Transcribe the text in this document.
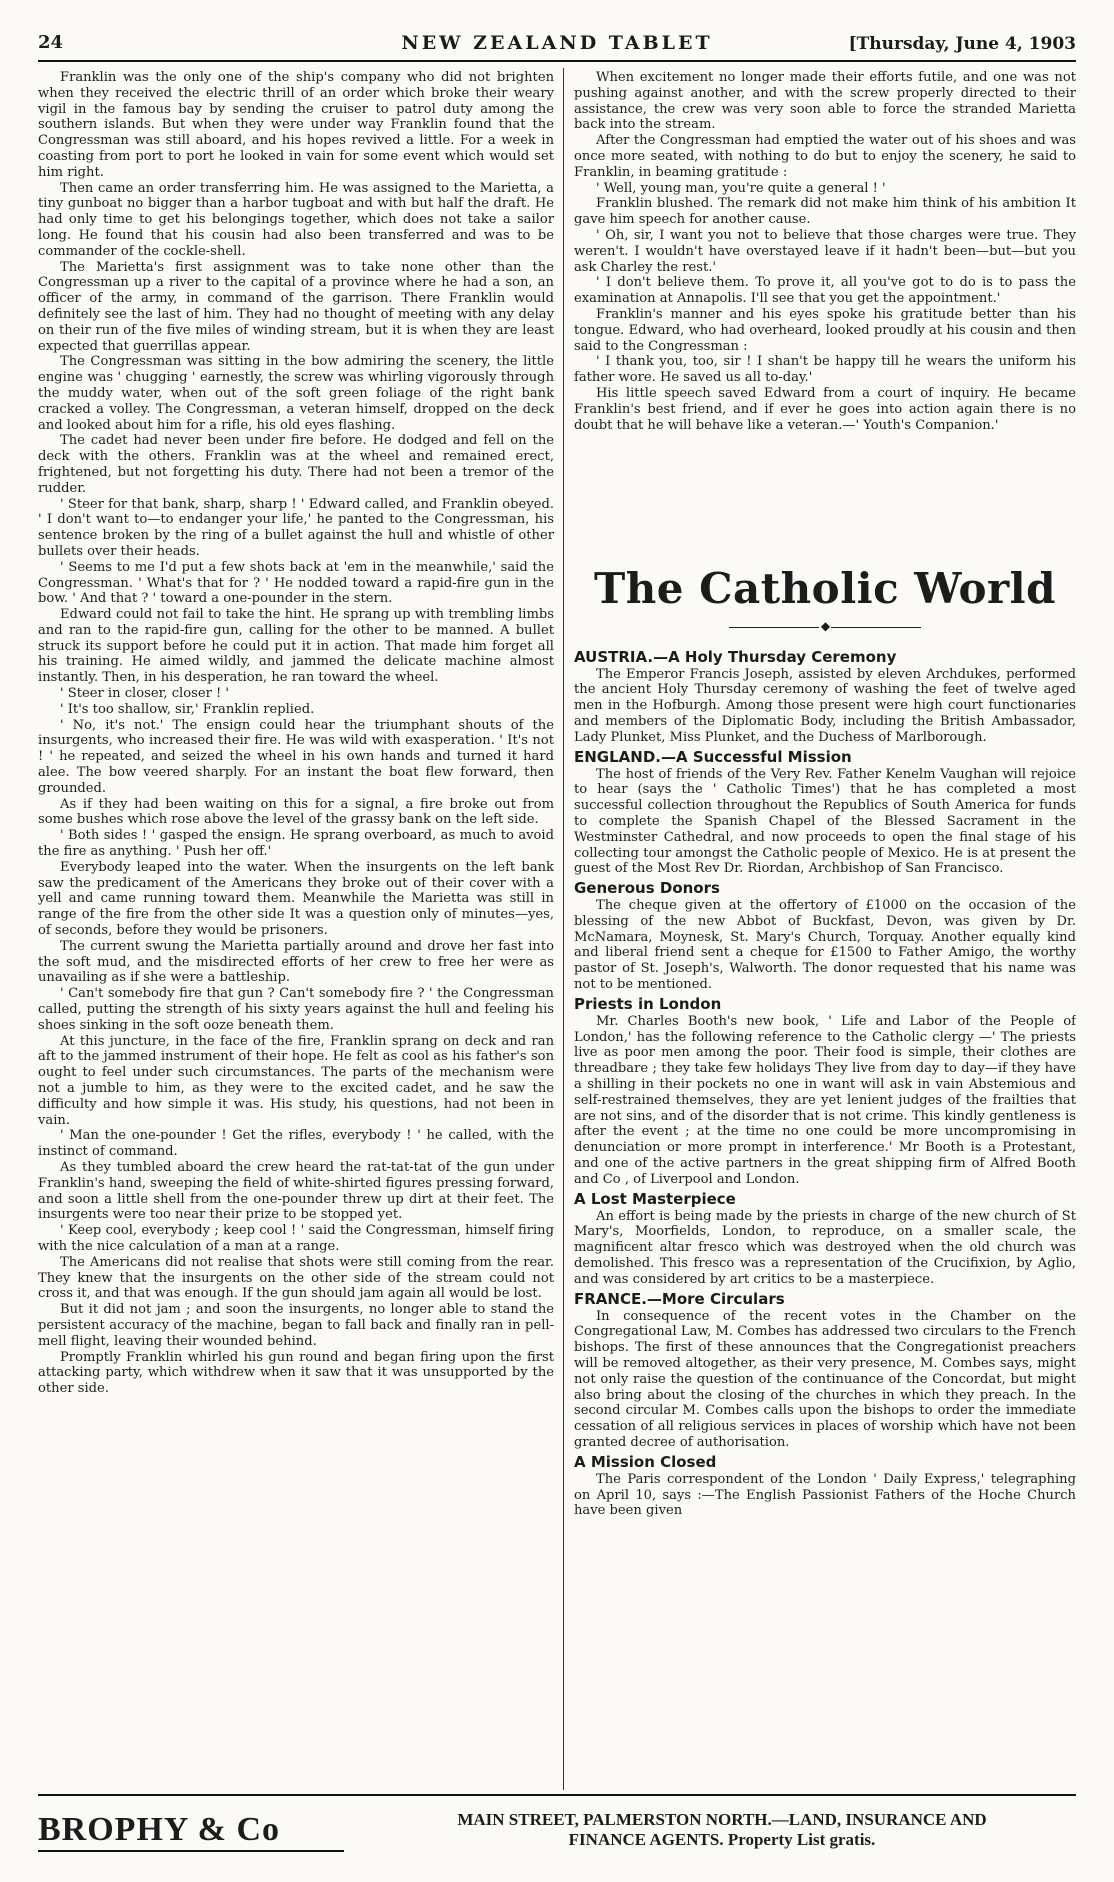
24	NEW ZEALAND TABLET	[Thursday, June 4, 1903

Franklin was the only one of the ship's company who did not brighten when they received the electric thrill of an order which broke their weary vigil in the famous bay by sending the cruiser to patrol duty among the southern islands. But when they were under way Franklin found that the Congressman was still aboard, and his hopes revived a little. For a week in coasting from port to port he looked in vain for some event which would set him right.

Then came an order transferring him. He was assigned to the Marietta, a tiny gunboat no bigger than a harbor tugboat and with but half the draft. He had only time to get his belongings together, which does not take a sailor long. He found that his cousin had also been transferred and was to be commander of the cockle-shell.

The Marietta's first assignment was to take none other than the Congressman up a river to the capital of a province where he had a son, an officer of the army, in command of the garrison. There Franklin would definitely see the last of him. They had no thought of meeting with any delay on their run of the five miles of winding stream, but it is when they are least expected that guerrillas appear.

The Congressman was sitting in the bow admiring the scenery, the little engine was ' chugging ' earnestly, the screw was whirling vigorously through the muddy water, when out of the soft green foliage of the right bank cracked a volley. The Congressman, a veteran himself, dropped on the deck and looked about him for a rifle, his old eyes flashing.

The cadet had never been under fire before. He dodged and fell on the deck with the others. Franklin was at the wheel and remained erect, frightened, but not forgetting his duty. There had not been a tremor of the rudder.

' Steer for that bank, sharp, sharp ! ' Edward called, and Franklin obeyed. ' I don't want to—to endanger your life,' he panted to the Congressman, his sentence broken by the ring of a bullet against the hull and whistle of other bullets over their heads.

' Seems to me I'd put a few shots back at 'em in the meanwhile,' said the Congressman. ' What's that for ? ' He nodded toward a rapid-fire gun in the bow. ' And that ? ' toward a one-pounder in the stern.

Edward could not fail to take the hint. He sprang up with trembling limbs and ran to the rapid-fire gun, calling for the other to be manned. A bullet struck its support before he could put it in action. That made him forget all his training. He aimed wildly, and jammed the delicate machine almost instantly. Then, in his desperation, he ran toward the wheel.

' Steer in closer, closer ! '

' It's too shallow, sir,' Franklin replied.

' No, it's not.' The ensign could hear the triumphant shouts of the insurgents, who increased their fire. He was wild with exasperation. ' It's not ! ' he repeated, and seized the wheel in his own hands and turned it hard alee. The bow veered sharply. For an instant the boat flew forward, then grounded.

As if they had been waiting on this for a signal, a fire broke out from some bushes which rose above the level of the grassy bank on the left side.

' Both sides ! ' gasped the ensign. He sprang overboard, as much to avoid the fire as anything. ' Push her off.'

Everybody leaped into the water. When the insurgents on the left bank saw the predicament of the Americans they broke out of their cover with a yell and came running toward them. Meanwhile the Marietta was still in range of the fire from the other side It was a question only of minutes—yes, of seconds, before they would be prisoners.

The current swung the Marietta partially around and drove her fast into the soft mud, and the misdirected efforts of her crew to free her were as unavailing as if she were a battleship.

' Can't somebody fire that gun ? Can't somebody fire ? ' the Congressman called, putting the strength of his sixty years against the hull and feeling his shoes sinking in the soft ooze beneath them.

At this juncture, in the face of the fire, Franklin sprang on deck and ran aft to the jammed instrument of their hope. He felt as cool as his father's son ought to feel under such circumstances. The parts of the mechanism were not a jumble to him, as they were to the excited cadet, and he saw the difficulty and how simple it was. His study, his questions, had not been in vain.

' Man the one-pounder ! Get the rifles, everybody ! ' he called, with the instinct of command.

As they tumbled aboard the crew heard the rat-tat-tat of the gun under Franklin's hand, sweeping the field of white-shirted figures pressing forward, and soon a little shell from the one-pounder threw up dirt at their feet. The insurgents were too near their prize to be stopped yet.

' Keep cool, everybody ; keep cool ! ' said the Congressman, himself firing with the nice calculation of a man at a range.

The Americans did not realise that shots were still coming from the rear. They knew that the insurgents on the other side of the stream could not cross it, and that was enough. If the gun should jam again all would be lost.

But it did not jam ; and soon the insurgents, no longer able to stand the persistent accuracy of the machine, began to fall back and finally ran in pell-mell flight, leaving their wounded behind.

Promptly Franklin whirled his gun round and began firing upon the first attacking party, which withdrew when it saw that it was unsupported by the other side.

When excitement no longer made their efforts futile, and one was not pushing against another, and with the screw properly directed to their assistance, the crew was very soon able to force the stranded Marietta back into the stream.

After the Congressman had emptied the water out of his shoes and was once more seated, with nothing to do but to enjoy the scenery, he said to Franklin, in beaming gratitude :

' Well, young man, you're quite a general ! '

Franklin blushed. The remark did not make him think of his ambition It gave him speech for another cause.

' Oh, sir, I want you not to believe that those charges were true. They weren't. I wouldn't have overstayed leave if it hadn't been—but—but you ask Charley the rest.'

' I don't believe them. To prove it, all you've got to do is to pass the examination at Annapolis. I'll see that you get the appointment.'

Franklin's manner and his eyes spoke his gratitude better than his tongue. Edward, who had overheard, looked proudly at his cousin and then said to the Congressman :

' I thank you, too, sir ! I shan't be happy till he wears the uniform his father wore. He saved us all to-day.'

His little speech saved Edward from a court of inquiry. He became Franklin's best friend, and if ever he goes into action again there is no doubt that he will behave like a veteran.—' Youth's Companion.'

The Catholic World
◆
AUSTRIA.—A Holy Thursday Ceremony

The Emperor Francis Joseph, assisted by eleven Archdukes, performed the ancient Holy Thursday ceremony of washing the feet of twelve aged men in the Hofburgh. Among those present were high court functionaries and members of the Diplomatic Body, including the British Ambassador, Lady Plunket, Miss Plunket, and the Duchess of Marlborough.

ENGLAND.—A Successful Mission

The host of friends of the Very Rev. Father Kenelm Vaughan will rejoice to hear (says the ' Catholic Times') that he has completed a most successful collection throughout the Republics of South America for funds to complete the Spanish Chapel of the Blessed Sacrament in the Westminster Cathedral, and now proceeds to open the final stage of his collecting tour amongst the Catholic people of Mexico. He is at present the guest of the Most Rev Dr. Riordan, Archbishop of San Francisco.

Generous Donors

The cheque given at the offertory of £1000 on the occasion of the blessing of the new Abbot of Buckfast, Devon, was given by Dr. McNamara, Moynesk, St. Mary's Church, Torquay. Another equally kind and liberal friend sent a cheque for £1500 to Father Amigo, the worthy pastor of St. Joseph's, Walworth. The donor requested that his name was not to be mentioned.

Priests in London

Mr. Charles Booth's new book, ' Life and Labor of the People of London,' has the following reference to the Catholic clergy —' The priests live as poor men among the poor. Their food is simple, their clothes are threadbare ; they take few holidays They live from day to day—if they have a shilling in their pockets no one in want will ask in vain Abstemious and self-restrained themselves, they are yet lenient judges of the frailties that are not sins, and of the disorder that is not crime. This kindly gentleness is after the event ; at the time no one could be more uncompromising in denunciation or more prompt in interference.' Mr Booth is a Protestant, and one of the active partners in the great shipping firm of Alfred Booth and Co , of Liverpool and London.

A Lost Masterpiece

An effort is being made by the priests in charge of the new church of St Mary's, Moorfields, London, to reproduce, on a smaller scale, the magnificent altar fresco which was destroyed when the old church was demolished. This fresco was a representation of the Crucifixion, by Aglio, and was considered by art critics to be a masterpiece.

FRANCE.—More Circulars

In consequence of the recent votes in the Chamber on the Congregational Law, M. Combes has addressed two circulars to the French bishops. The first of these announces that the Congregationist preachers will be removed altogether, as their very presence, M. Combes says, might not only raise the question of the continuance of the Concordat, but might also bring about the closing of the churches in which they preach. In the second circular M. Combes calls upon the bishops to order the immediate cessation of all religious services in places of worship which have not been granted decree of authorisation.

A Mission Closed

The Paris correspondent of the London ' Daily Express,' telegraphing on April 10, says :—The English Passionist Fathers of the Hoche Church have been given

BROPHY & Co	MAIN STREET, PALMERSTON NORTH.—LAND, INSURANCE AND
FINANCE AGENTS. Property List gratis.
